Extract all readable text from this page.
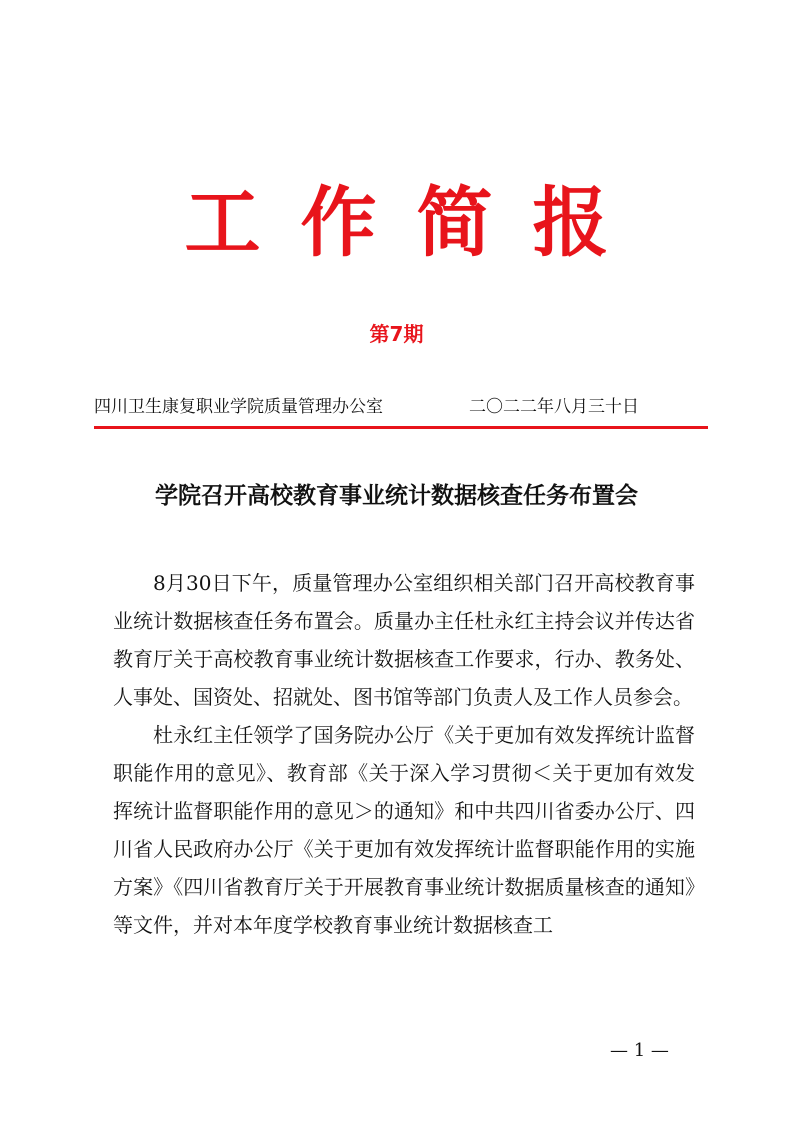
工作简报
第7期
四川卫生康复职业学院质量管理办公室	二〇二二年八月三十日
学院召开高校教育事业统计数据核查任务布置会

8月30日下午，质量管理办公室组织相关部门召开高校教育事业统计数据核查任务布置会。质量办主任杜永红主持会议并传达省教育厅关于高校教育事业统计数据核查工作要求，行办、教务处、人事处、国资处、招就处、图书馆等部门负责人及工作人员参会。

杜永红主任领学了国务院办公厅《关于更加有效发挥统计监督职能作用的意见》、教育部《关于深入学习贯彻＜关于更加有效发挥统计监督职能作用的意见＞的通知》和中共四川省委办公厅、四川省人民政府办公厅《关于更加有效发挥统计监督职能作用的实施方案》《四川省教育厅关于开展教育事业统计数据质量核查的通知》等文件，并对本年度学校教育事业统计数据核查工

— 1 —
